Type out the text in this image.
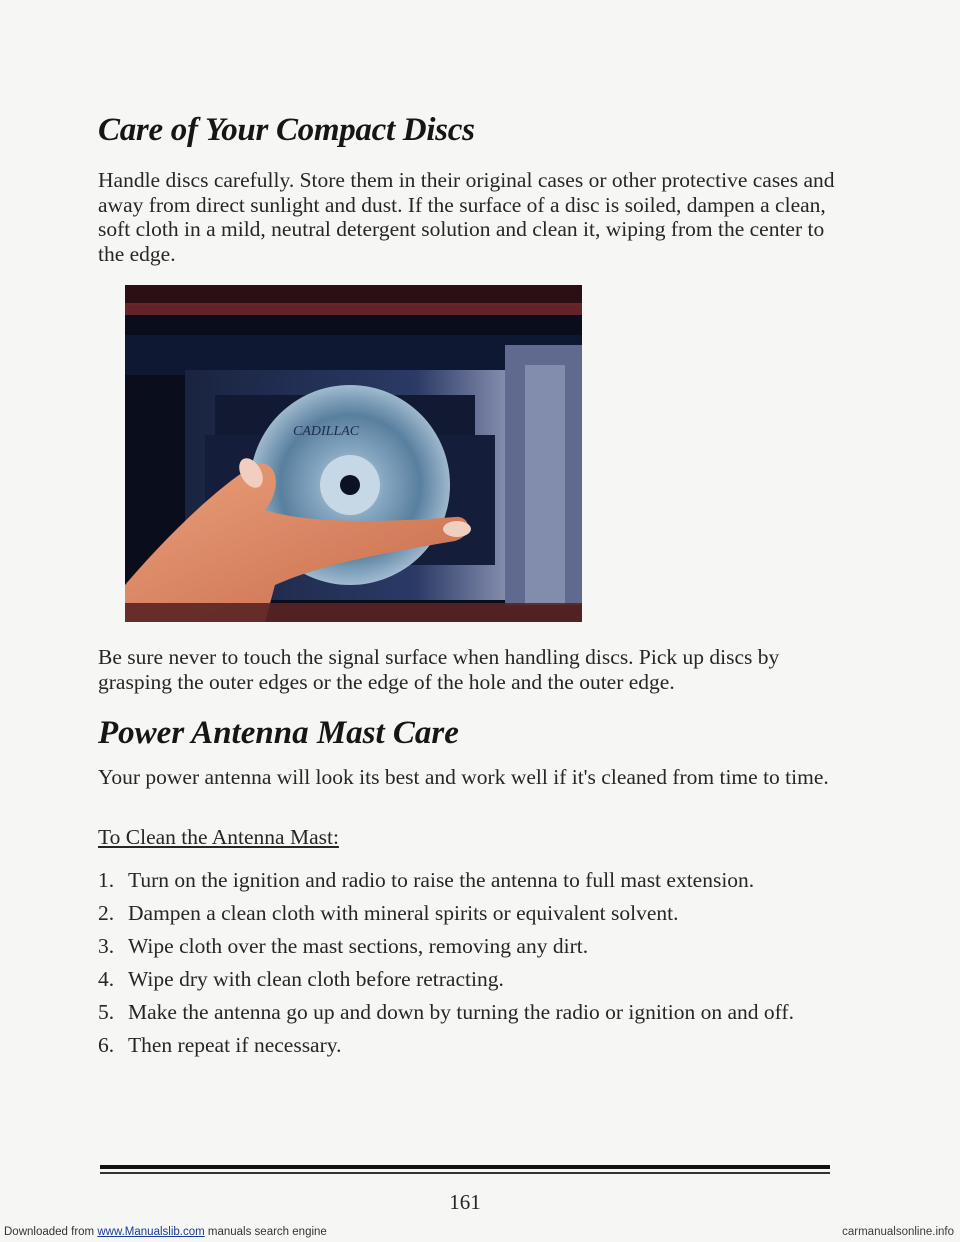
Care of Your Compact Discs

Handle discs carefully. Store them in their original cases or other protective cases and away from direct sunlight and dust. If the surface of a disc is soiled, dampen a clean, soft cloth in a mild, neutral detergent solution and clean it, wiping from the center to the edge.

CADILLAC

Be sure never to touch the signal surface when handling discs. Pick up discs by grasping the outer edges or the edge of the hole and the outer edge.

Power Antenna Mast Care

Your power antenna will look its best and work well if it's cleaned from time to time.

To Clean the Antenna Mast:

1. Turn on the ignition and radio to raise the antenna to full mast extension.
2. Dampen a clean cloth with mineral spirits or equivalent solvent.
3. Wipe cloth over the mast sections, removing any dirt.
4. Wipe dry with clean cloth before retracting.
5. Make the antenna go up and down by turning the radio or ignition on and off.
6. Then repeat if necessary.
161
Downloaded from www.Manualslib.com manuals search engine	carmanualsonline.info
